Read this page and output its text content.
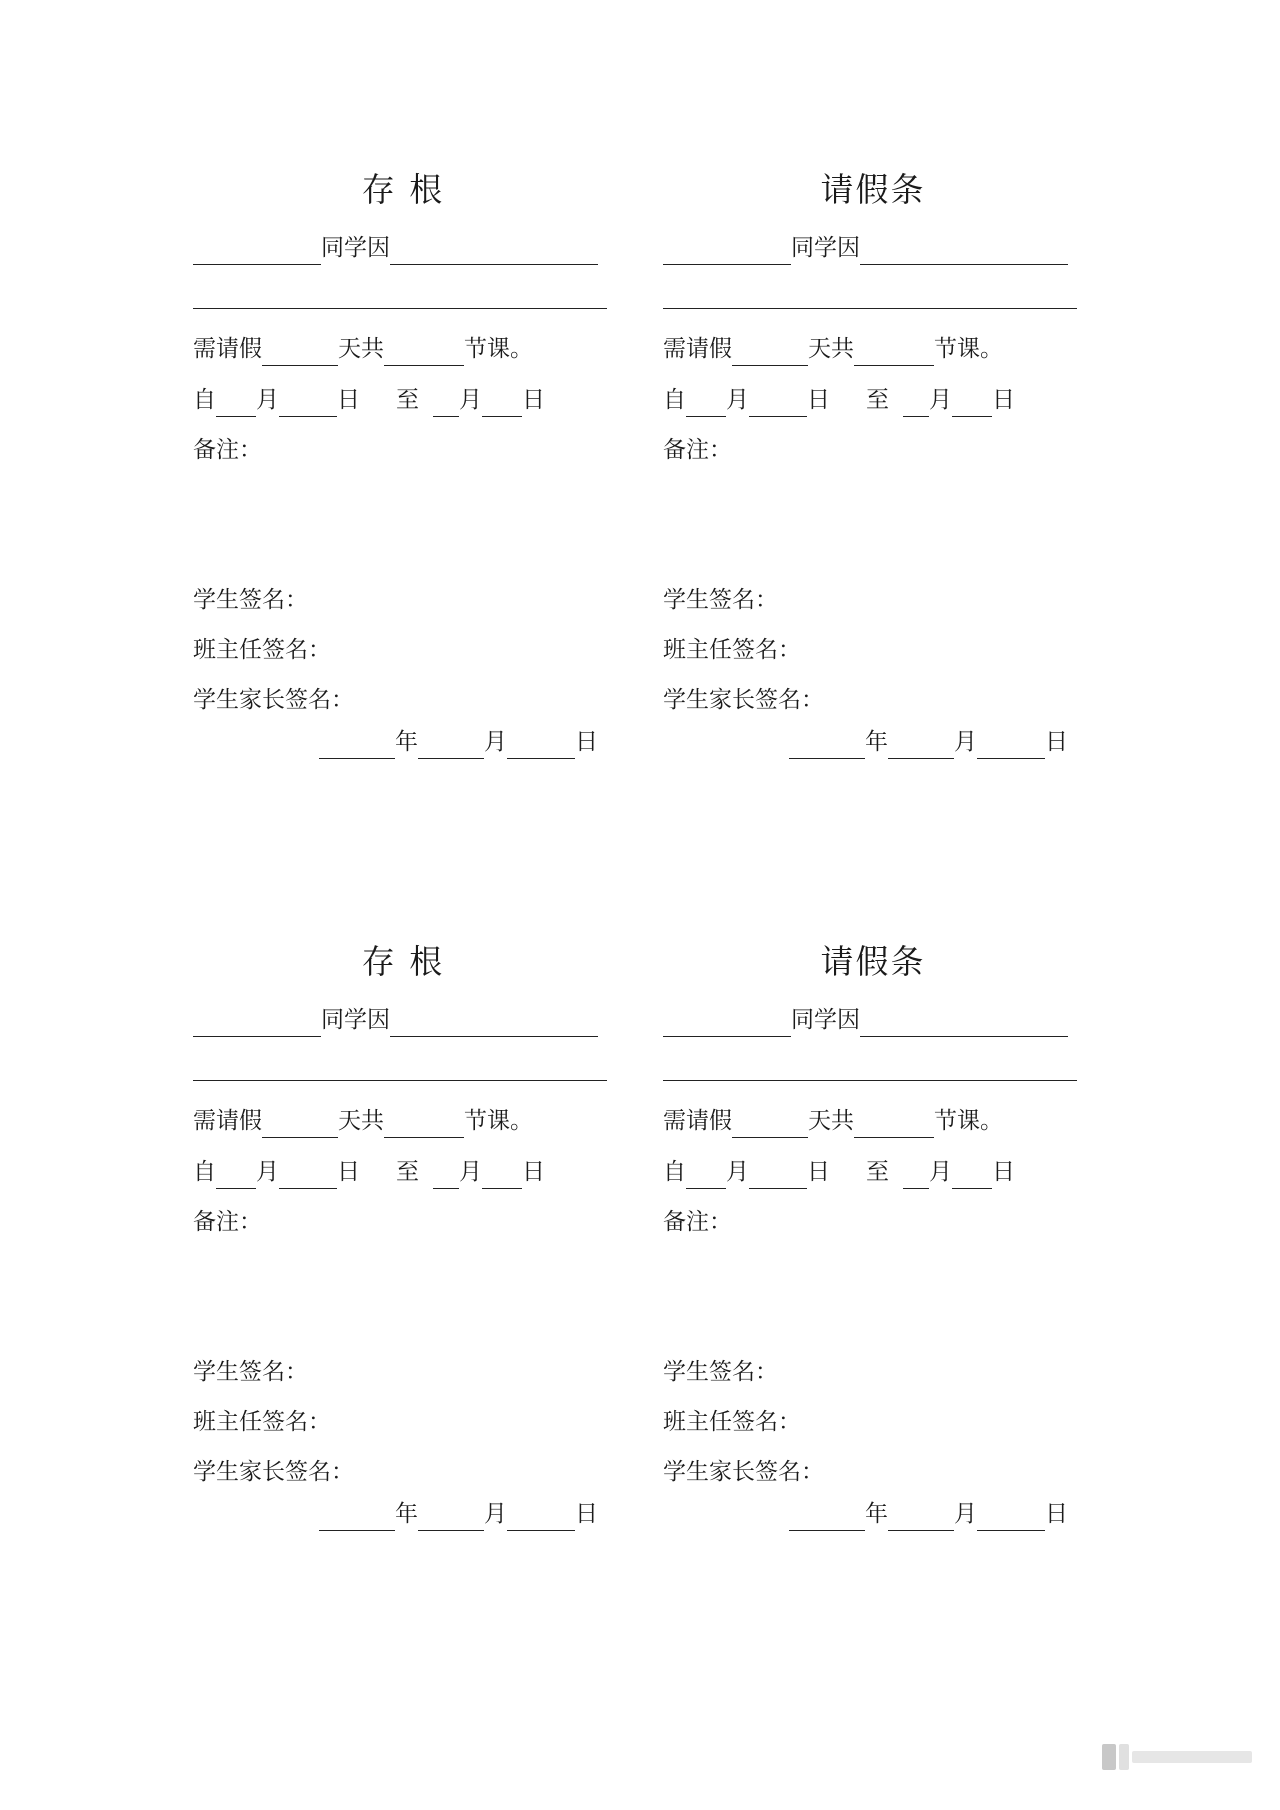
存 根
同学因
需请假	天共	节课。
自 月	日 至 月 日
备注：
学生签名：
班主任签名：
学生家长签名：
年	月	日
请假条
同学因
需请假	天共	节课。
自 月	日 至 月 日
备注：
学生签名：
班主任签名：
学生家长签名：
年	月	日
存 根
同学因
需请假	天共	节课。
自 月	日 至 月 日
备注：
学生签名：
班主任签名：
学生家长签名：
年	月	日
请假条
同学因
需请假	天共	节课。
自 月	日 至 月 日
备注：
学生签名：
班主任签名：
学生家长签名：
年	月	日
